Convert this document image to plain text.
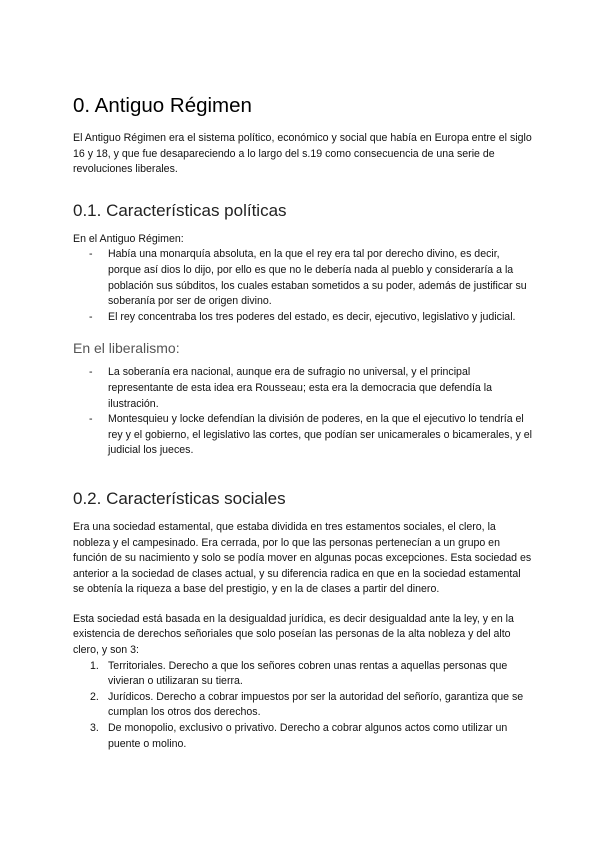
0. Antiguo Régimen

El Antiguo Régimen era el sistema político, económico y social que había en Europa entre el siglo 16 y 18, y que fue desapareciendo a lo largo del s.19 como consecuencia de una serie de revoluciones liberales.

0.1. Características políticas

En el Antiguo Régimen:

- Había una monarquía absoluta, en la que el rey era tal por derecho divino, es decir, porque así dios lo dijo, por ello es que no le debería nada al pueblo y consideraría a la población sus súbditos, los cuales estaban sometidos a su poder, además de justificar su soberanía por ser de origen divino.
- El rey concentraba los tres poderes del estado, es decir, ejecutivo, legislativo y judicial.
En el liberalismo:
- La soberanía era nacional, aunque era de sufragio no universal, y el principal representante de esta idea era Rousseau; esta era la democracia que defendía la ilustración.
- Montesquieu y locke defendían la división de poderes, en la que el ejecutivo lo tendría el rey y el gobierno, el legislativo las cortes, que podían ser unicamerales o bicamerales, y el judicial los jueces.
0.2. Características sociales

Era una sociedad estamental, que estaba dividida en tres estamentos sociales, el clero, la nobleza y el campesinado. Era cerrada, por lo que las personas pertenecían a un grupo en función de su nacimiento y solo se podía mover en algunas pocas excepciones. Esta sociedad es anterior a la sociedad de clases actual, y su diferencia radica en que en la sociedad estamental se obtenía la riqueza a base del prestigio, y en la de clases a partir del dinero.

Esta sociedad está basada en la desigualdad jurídica, es decir desigualdad ante la ley, y en la existencia de derechos señoriales que solo poseían las personas de la alta nobleza y del alto clero, y son 3:

1. Territoriales. Derecho a que los señores cobren unas rentas a aquellas personas que vivieran o utilizaran su tierra.
2. Jurídicos. Derecho a cobrar impuestos por ser la autoridad del señorío, garantiza que se cumplan los otros dos derechos.
3. De monopolio, exclusivo o privativo. Derecho a cobrar algunos actos como utilizar un puente o molino.
